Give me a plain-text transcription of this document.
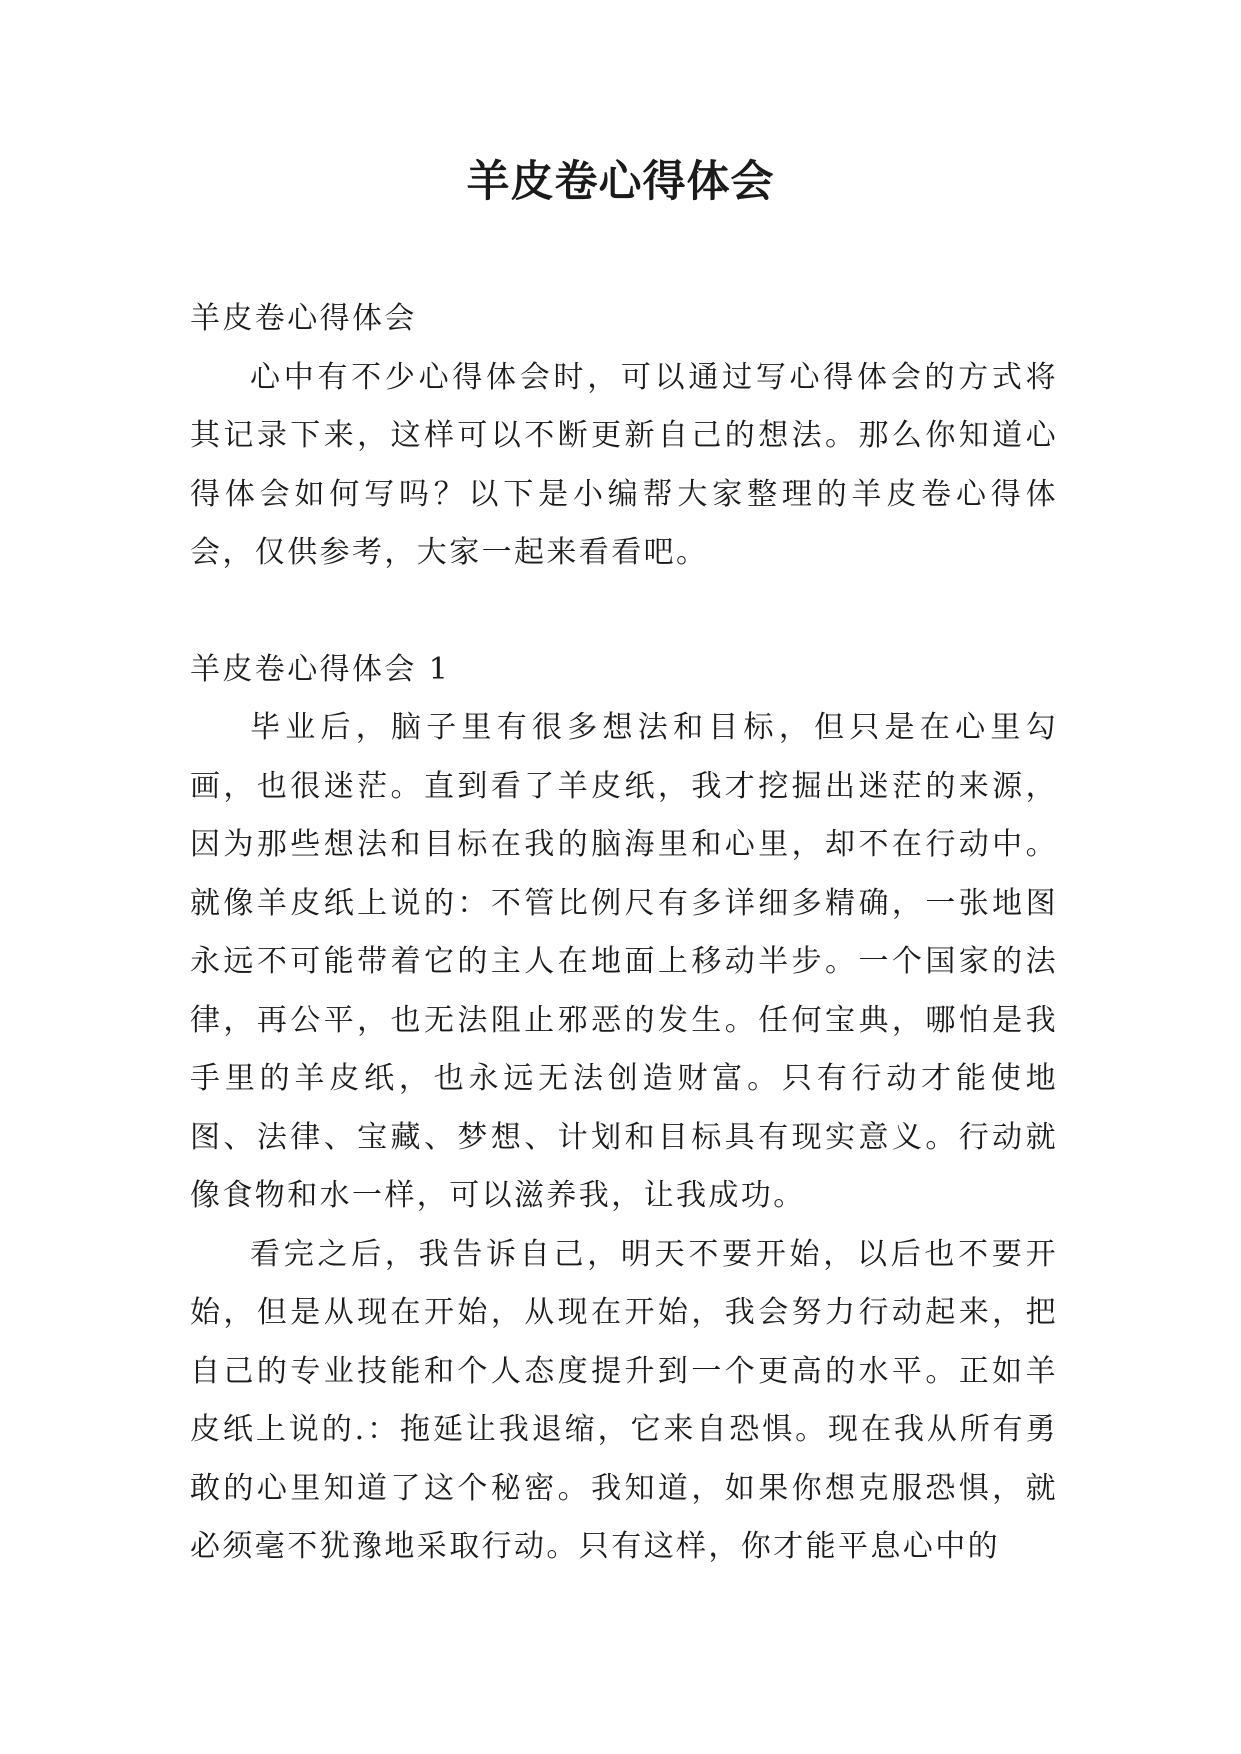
羊皮卷心得体会

羊皮卷心得体会

心中有不少心得体会时，可以通过写心得体会的方式将其记录下来，这样可以不断更新自己的想法。那么你知道心得体会如何写吗？以下是小编帮大家整理的羊皮卷心得体会，仅供参考，大家一起来看看吧。

羊皮卷心得体会 1

毕业后，脑子里有很多想法和目标，但只是在心里勾画，也很迷茫。直到看了羊皮纸，我才挖掘出迷茫的来源，因为那些想法和目标在我的脑海里和心里，却不在行动中。就像羊皮纸上说的：不管比例尺有多详细多精确，一张地图永远不可能带着它的主人在地面上移动半步。一个国家的法律，再公平，也无法阻止邪恶的发生。任何宝典，哪怕是我手里的羊皮纸，也永远无法创造财富。只有行动才能使地图、法律、宝藏、梦想、计划和目标具有现实意义。行动就像食物和水一样，可以滋养我，让我成功。

看完之后，我告诉自己，明天不要开始，以后也不要开始，但是从现在开始，从现在开始，我会努力行动起来，把自己的专业技能和个人态度提升到一个更高的水平。正如羊皮纸上说的.：拖延让我退缩，它来自恐惧。现在我从所有勇敢的心里知道了这个秘密。我知道，如果你想克服恐惧，就必须毫不犹豫地采取行动。只有这样，你才能平息心中的
